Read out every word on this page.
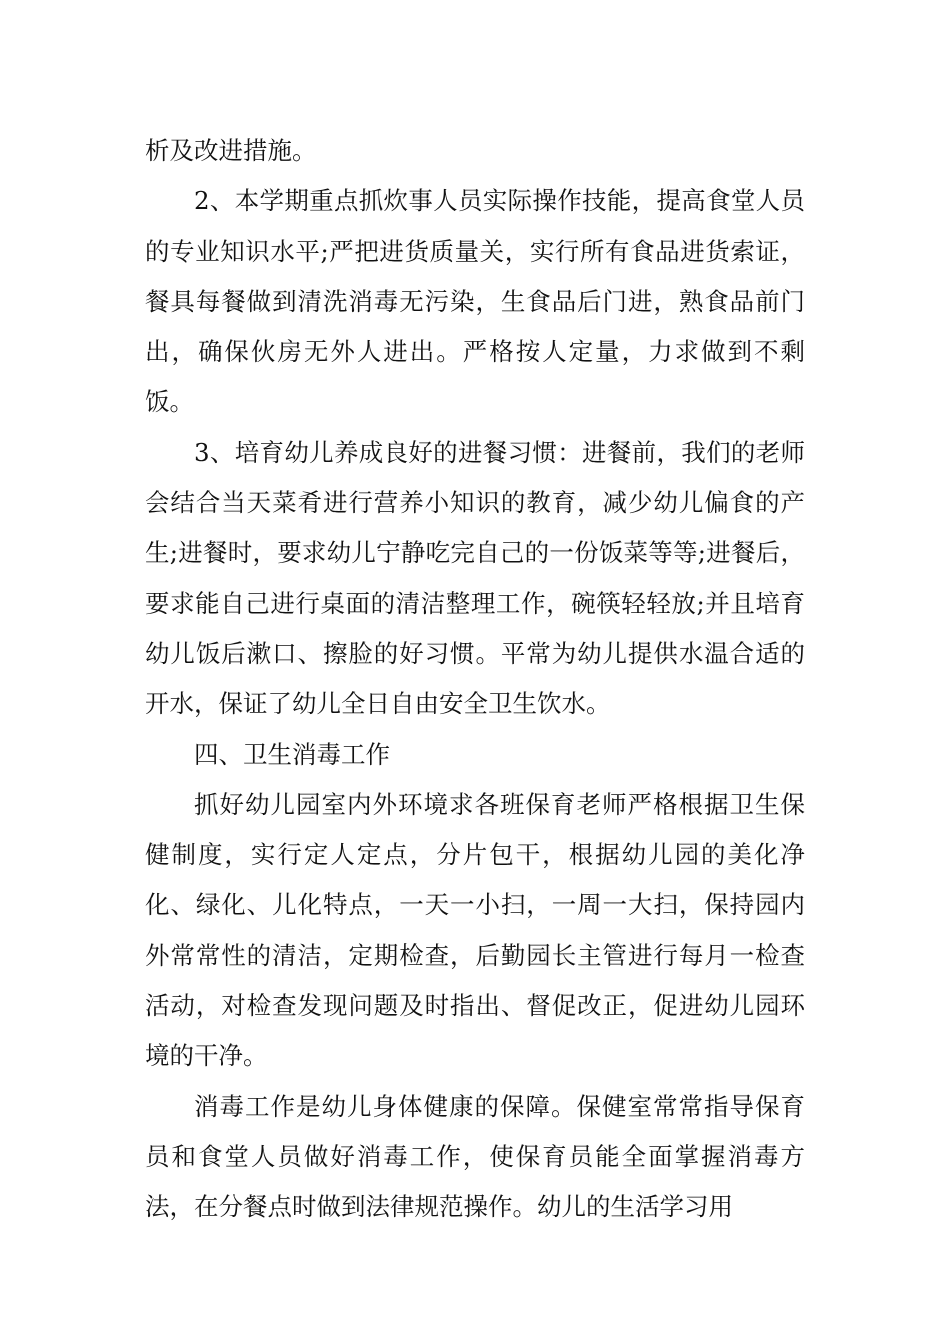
析及改进措施。

2、本学期重点抓炊事人员实际操作技能，提高食堂人员的专业知识水平;严把进货质量关，实行所有食品进货索证，餐具每餐做到清洗消毒无污染，生食品后门进，熟食品前门出，确保伙房无外人进出。严格按人定量，力求做到不剩饭。

3、培育幼儿养成良好的进餐习惯：进餐前，我们的老师会结合当天菜肴进行营养小知识的教育，减少幼儿偏食的产生;进餐时，要求幼儿宁静吃完自己的一份饭菜等等;进餐后，要求能自己进行桌面的清洁整理工作，碗筷轻轻放;并且培育幼儿饭后漱口、擦脸的好习惯。平常为幼儿提供水温合适的开水，保证了幼儿全日自由安全卫生饮水。

四、卫生消毒工作

抓好幼儿园室内外环境求各班保育老师严格根据卫生保健制度，实行定人定点，分片包干，根据幼儿园的美化净化、绿化、儿化特点，一天一小扫，一周一大扫，保持园内外常常性的清洁，定期检查，后勤园长主管进行每月一检查活动，对检查发现问题及时指出、督促改正，促进幼儿园环境的干净。

消毒工作是幼儿身体健康的保障。保健室常常指导保育员和食堂人员做好消毒工作，使保育员能全面掌握消毒方法，在分餐点时做到法律规范操作。幼儿的生活学习用
